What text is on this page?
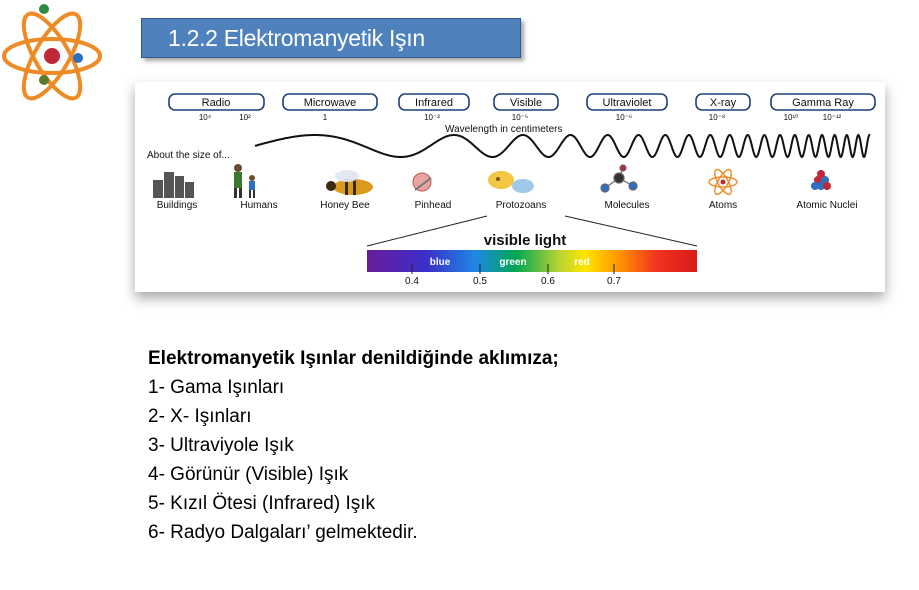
1.2.2 Elektromanyetik Işın
Radio	Microwave	Infrared	Visible	Ultraviolet	X-ray	Gamma Ray
10⁴	10²	1	10⁻²	10⁻⁵	10⁻⁶	10⁻⁸	10¹⁰	10⁻¹²
Wavelength in centimeters
About the size of...
Buildings	Humans	Honey Bee	Pinhead	Protozoans	Molecules	Atoms	Atomic Nuclei
visible light
blue	green	red
0.4	0.5	0.6	0.7
Elektromanyetik Işınlar denildiğinde aklımıza;
1- Gama Işınları
2- X- Işınları
3- Ultraviyole Işık
4- Görünür (Visible) Işık
5- Kızıl Ötesi (Infrared) Işık
6- Radyo Dalgaları’ gelmektedir.
